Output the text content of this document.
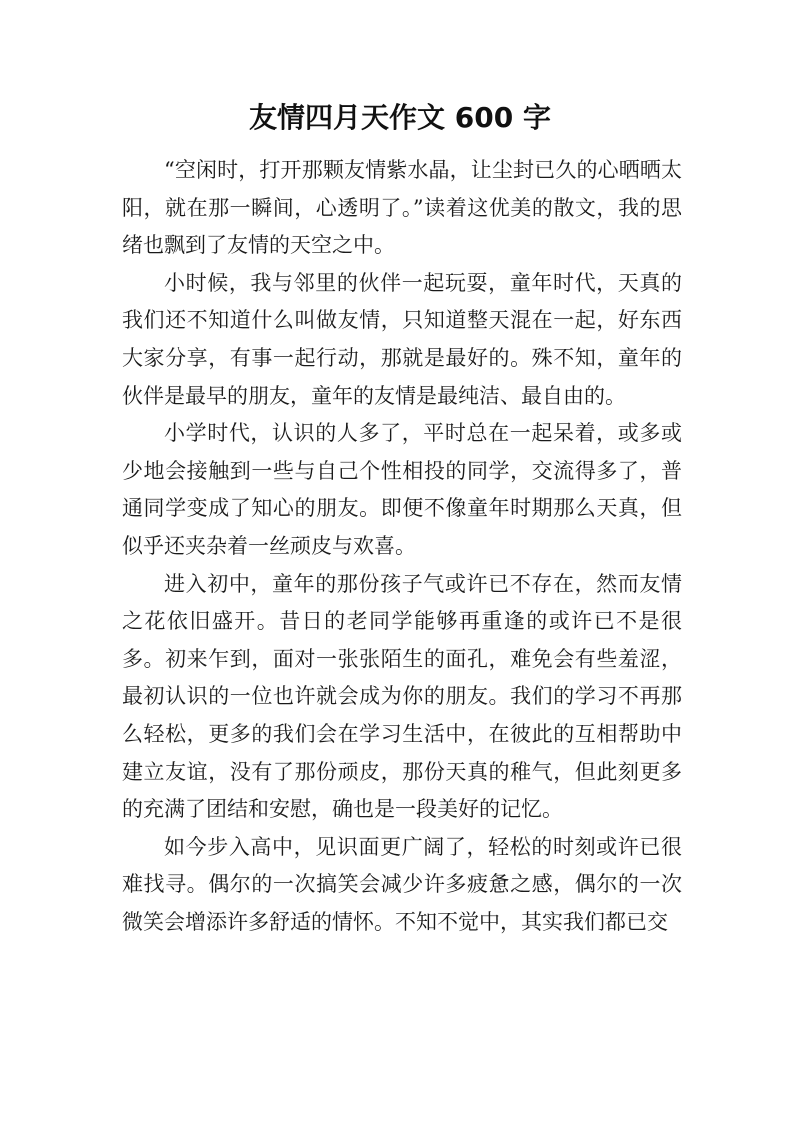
友情四月天作文 600 字

“空闲时，打开那颗友情紫水晶，让尘封已久的心晒晒太阳，就在那一瞬间，心透明了。”读着这优美的散文，我的思绪也飘到了友情的天空之中。

小时候，我与邻里的伙伴一起玩耍，童年时代，天真的我们还不知道什么叫做友情，只知道整天混在一起，好东西大家分享，有事一起行动，那就是最好的。殊不知，童年的伙伴是最早的朋友，童年的友情是最纯洁、最自由的。

小学时代，认识的人多了，平时总在一起呆着，或多或少地会接触到一些与自己个性相投的同学，交流得多了，普通同学变成了知心的朋友。即便不像童年时期那么天真，但似乎还夹杂着一丝顽皮与欢喜。

进入初中，童年的那份孩子气或许已不存在，然而友情之花依旧盛开。昔日的老同学能够再重逢的或许已不是很多。初来乍到，面对一张张陌生的面孔，难免会有些羞涩，最初认识的一位也许就会成为你的朋友。我们的学习不再那么轻松，更多的我们会在学习生活中，在彼此的互相帮助中建立友谊，没有了那份顽皮，那份天真的稚气，但此刻更多的充满了团结和安慰，确也是一段美好的记忆。

如今步入高中，见识面更广阔了，轻松的时刻或许已很难找寻。偶尔的一次搞笑会减少许多疲惫之感，偶尔的一次微笑会增添许多舒适的情怀。不知不觉中，其实我们都已交
